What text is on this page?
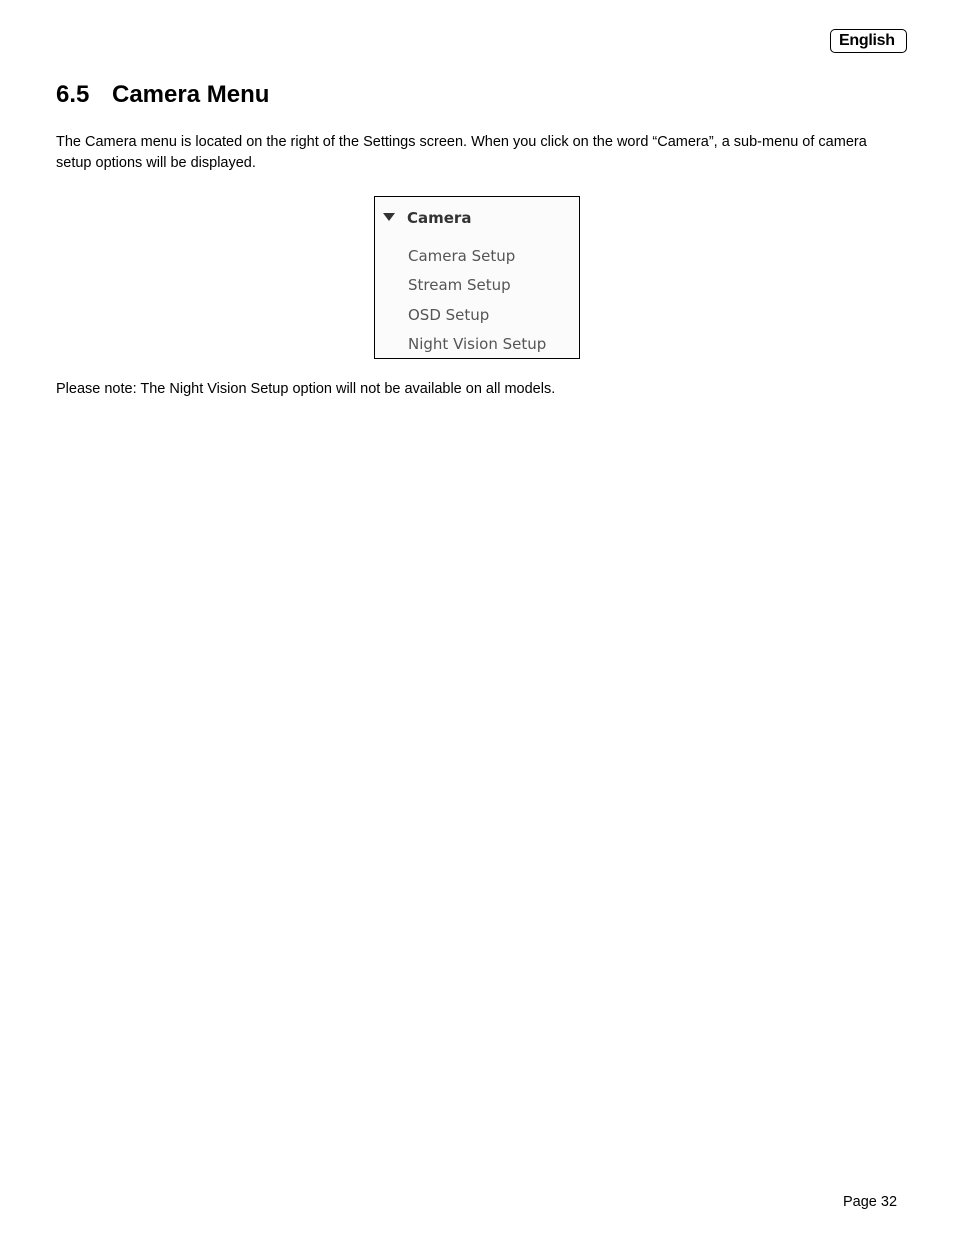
English
6.5 Camera Menu

The Camera menu is located on the right of the Settings screen. When you click on the word “Camera”, a sub-menu of camera setup options will be displayed.

Camera
Camera Setup
Stream Setup
OSD Setup
Night Vision Setup

Please note: The Night Vision Setup option will not be available on all models.

Page 32
